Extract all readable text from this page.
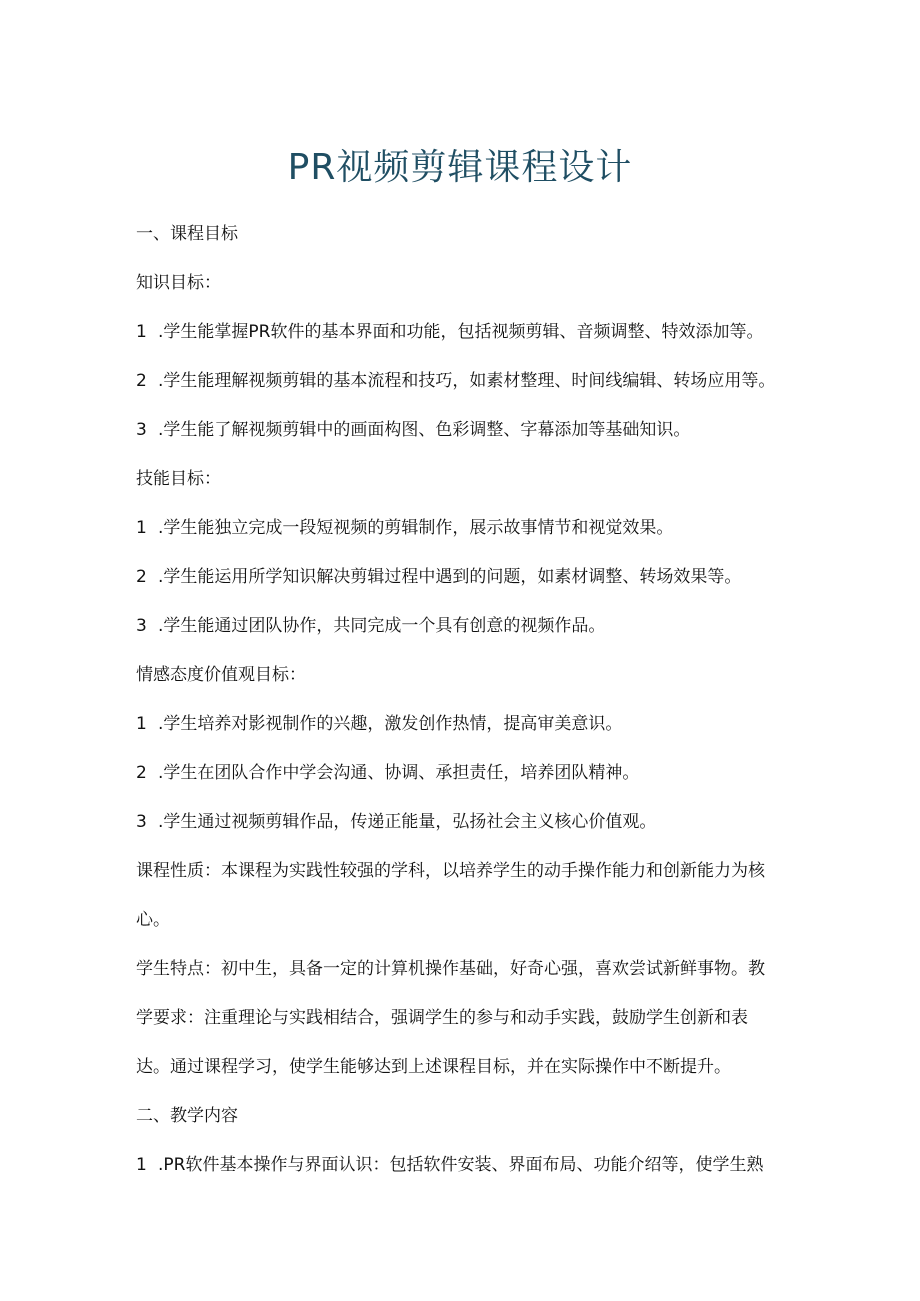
PR视频剪辑课程设计
一、课程目标
知识目标：
1 .学生能掌握PR软件的基本界面和功能，包括视频剪辑、音频调整、特效添加等。
2 .学生能理解视频剪辑的基本流程和技巧，如素材整理、时间线编辑、转场应用等。
3 .学生能了解视频剪辑中的画面构图、色彩调整、字幕添加等基础知识。
技能目标：
1 .学生能独立完成一段短视频的剪辑制作，展示故事情节和视觉效果。
2 .学生能运用所学知识解决剪辑过程中遇到的问题，如素材调整、转场效果等。
3 .学生能通过团队协作，共同完成一个具有创意的视频作品。
情感态度价值观目标：
1 .学生培养对影视制作的兴趣，激发创作热情，提高审美意识。
2 .学生在团队合作中学会沟通、协调、承担责任，培养团队精神。
3 .学生通过视频剪辑作品，传递正能量，弘扬社会主义核心价值观。
课程性质：本课程为实践性较强的学科，以培养学生的动手操作能力和创新能力为核
心。
学生特点：初中生，具备一定的计算机操作基础，好奇心强，喜欢尝试新鲜事物。教
学要求：注重理论与实践相结合，强调学生的参与和动手实践，鼓励学生创新和表
达。通过课程学习，使学生能够达到上述课程目标，并在实际操作中不断提升。
二、教学内容
1 .PR软件基本操作与界面认识：包括软件安装、界面布局、功能介绍等，使学生熟
